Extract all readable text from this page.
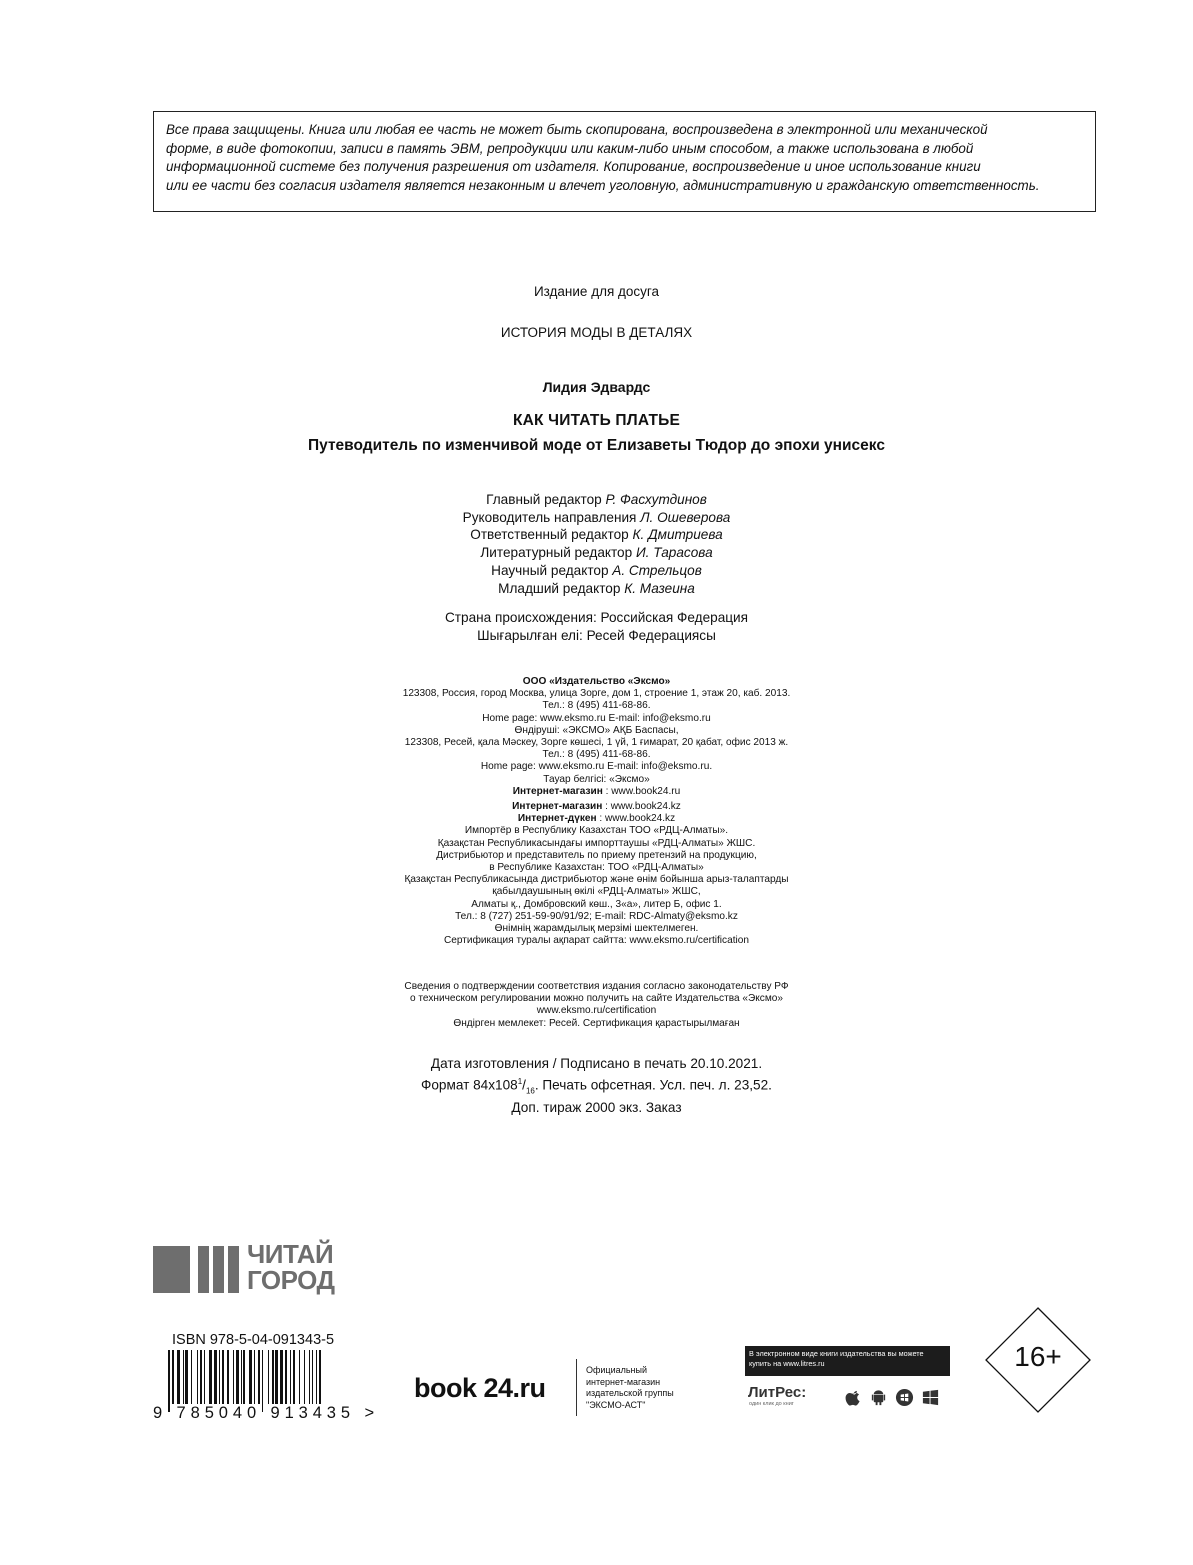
Все права защищены. Книга или любая ее часть не может быть скопирована, воспроизведена в электронной или механической
форме, в виде фотокопии, записи в память ЭВМ, репродукции или каким-либо иным способом, а также использована в любой
информационной системе без получения разрешения от издателя. Копирование, воспроизведение и иное использование книги
или ее части без согласия издателя является незаконным и влечет уголовную, административную и гражданскую ответственность.
Издание для досуга
ИСТОРИЯ МОДЫ В ДЕТАЛЯХ
Лидия Эдвардс
КАК ЧИТАТЬ ПЛАТЬЕ
Путеводитель по изменчивой моде от Елизаветы Тюдор до эпохи унисекс
Главный редактор Р. Фасхутдинов
Руководитель направления Л. Ошеверова
Ответственный редактор К. Дмитриева
Литературный редактор И. Тарасова
Научный редактор А. Стрельцов
Младший редактор К. Мазеина
Страна происхождения: Российская Федерация
Шығарылған елі: Ресей Федерациясы
ООО «Издательство «Эксмо»
123308, Россия, город Москва, улица Зорге, дом 1, строение 1, этаж 20, каб. 2013.
Тел.: 8 (495) 411-68-86.
Home page: www.eksmo.ru E-mail: info@eksmo.ru
Өндіруші: «ЭКСМО» АҚБ Баспасы,
123308, Ресей, қала Мәскеу, Зорге көшесі, 1 үй, 1 ғимарат, 20 қабат, офис 2013 ж.
Тел.: 8 (495) 411-68-86.
Home page: www.eksmo.ru E-mail: info@eksmo.ru.
Тауар белгісі: «Эксмо»
Интернет-магазин : www.book24.ru
Интернет-магазин : www.book24.kz
Интернет-дүкен : www.book24.kz
Импортёр в Республику Казахстан ТОО «РДЦ-Алматы».
Қазақстан Республикасындағы импорттаушы «РДЦ-Алматы» ЖШС.
Дистрибьютор и представитель по приему претензий на продукцию,
в Республике Казахстан: ТОО «РДЦ-Алматы»
Қазақстан Республикасында дистрибьютор және өнім бойынша арыз-талаптарды
қабылдаушының өкілі «РДЦ-Алматы» ЖШС,
Алматы қ., Домбровский көш., 3«а», литер Б, офис 1.
Тел.: 8 (727) 251-59-90/91/92; E-mail: RDC-Almaty@eksmo.kz
Өнімнің жарамдылық мерзімі шектелмеген.
Сертификация туралы ақпарат сайтта: www.eksmo.ru/certification
Сведения о подтверждении соответствия издания согласно законодательству РФ
о техническом регулировании можно получить на сайте Издательства «Эксмо»
www.eksmo.ru/certification
Өндірген мемлекет: Ресей. Сертификация қарастырылмаған
Дата изготовления / Подписано в печать 20.10.2021.
Формат $84x108^1/_{16}$. Печать офсетная. Усл. печ. л. 23,52.
Доп. тираж 2000 экз. Заказ
ЧИТАЙ
ГОРОД
ISBN 978-5-04-091343-5
9 785040 913435 >
book 24.ru
Официальный
интернет-магазин
издательской группы
"ЭКСМО-АСТ"
В электронном виде книги издательства вы можете
купить на www.litres.ru
ЛитРес:
один клик до книг
16+
